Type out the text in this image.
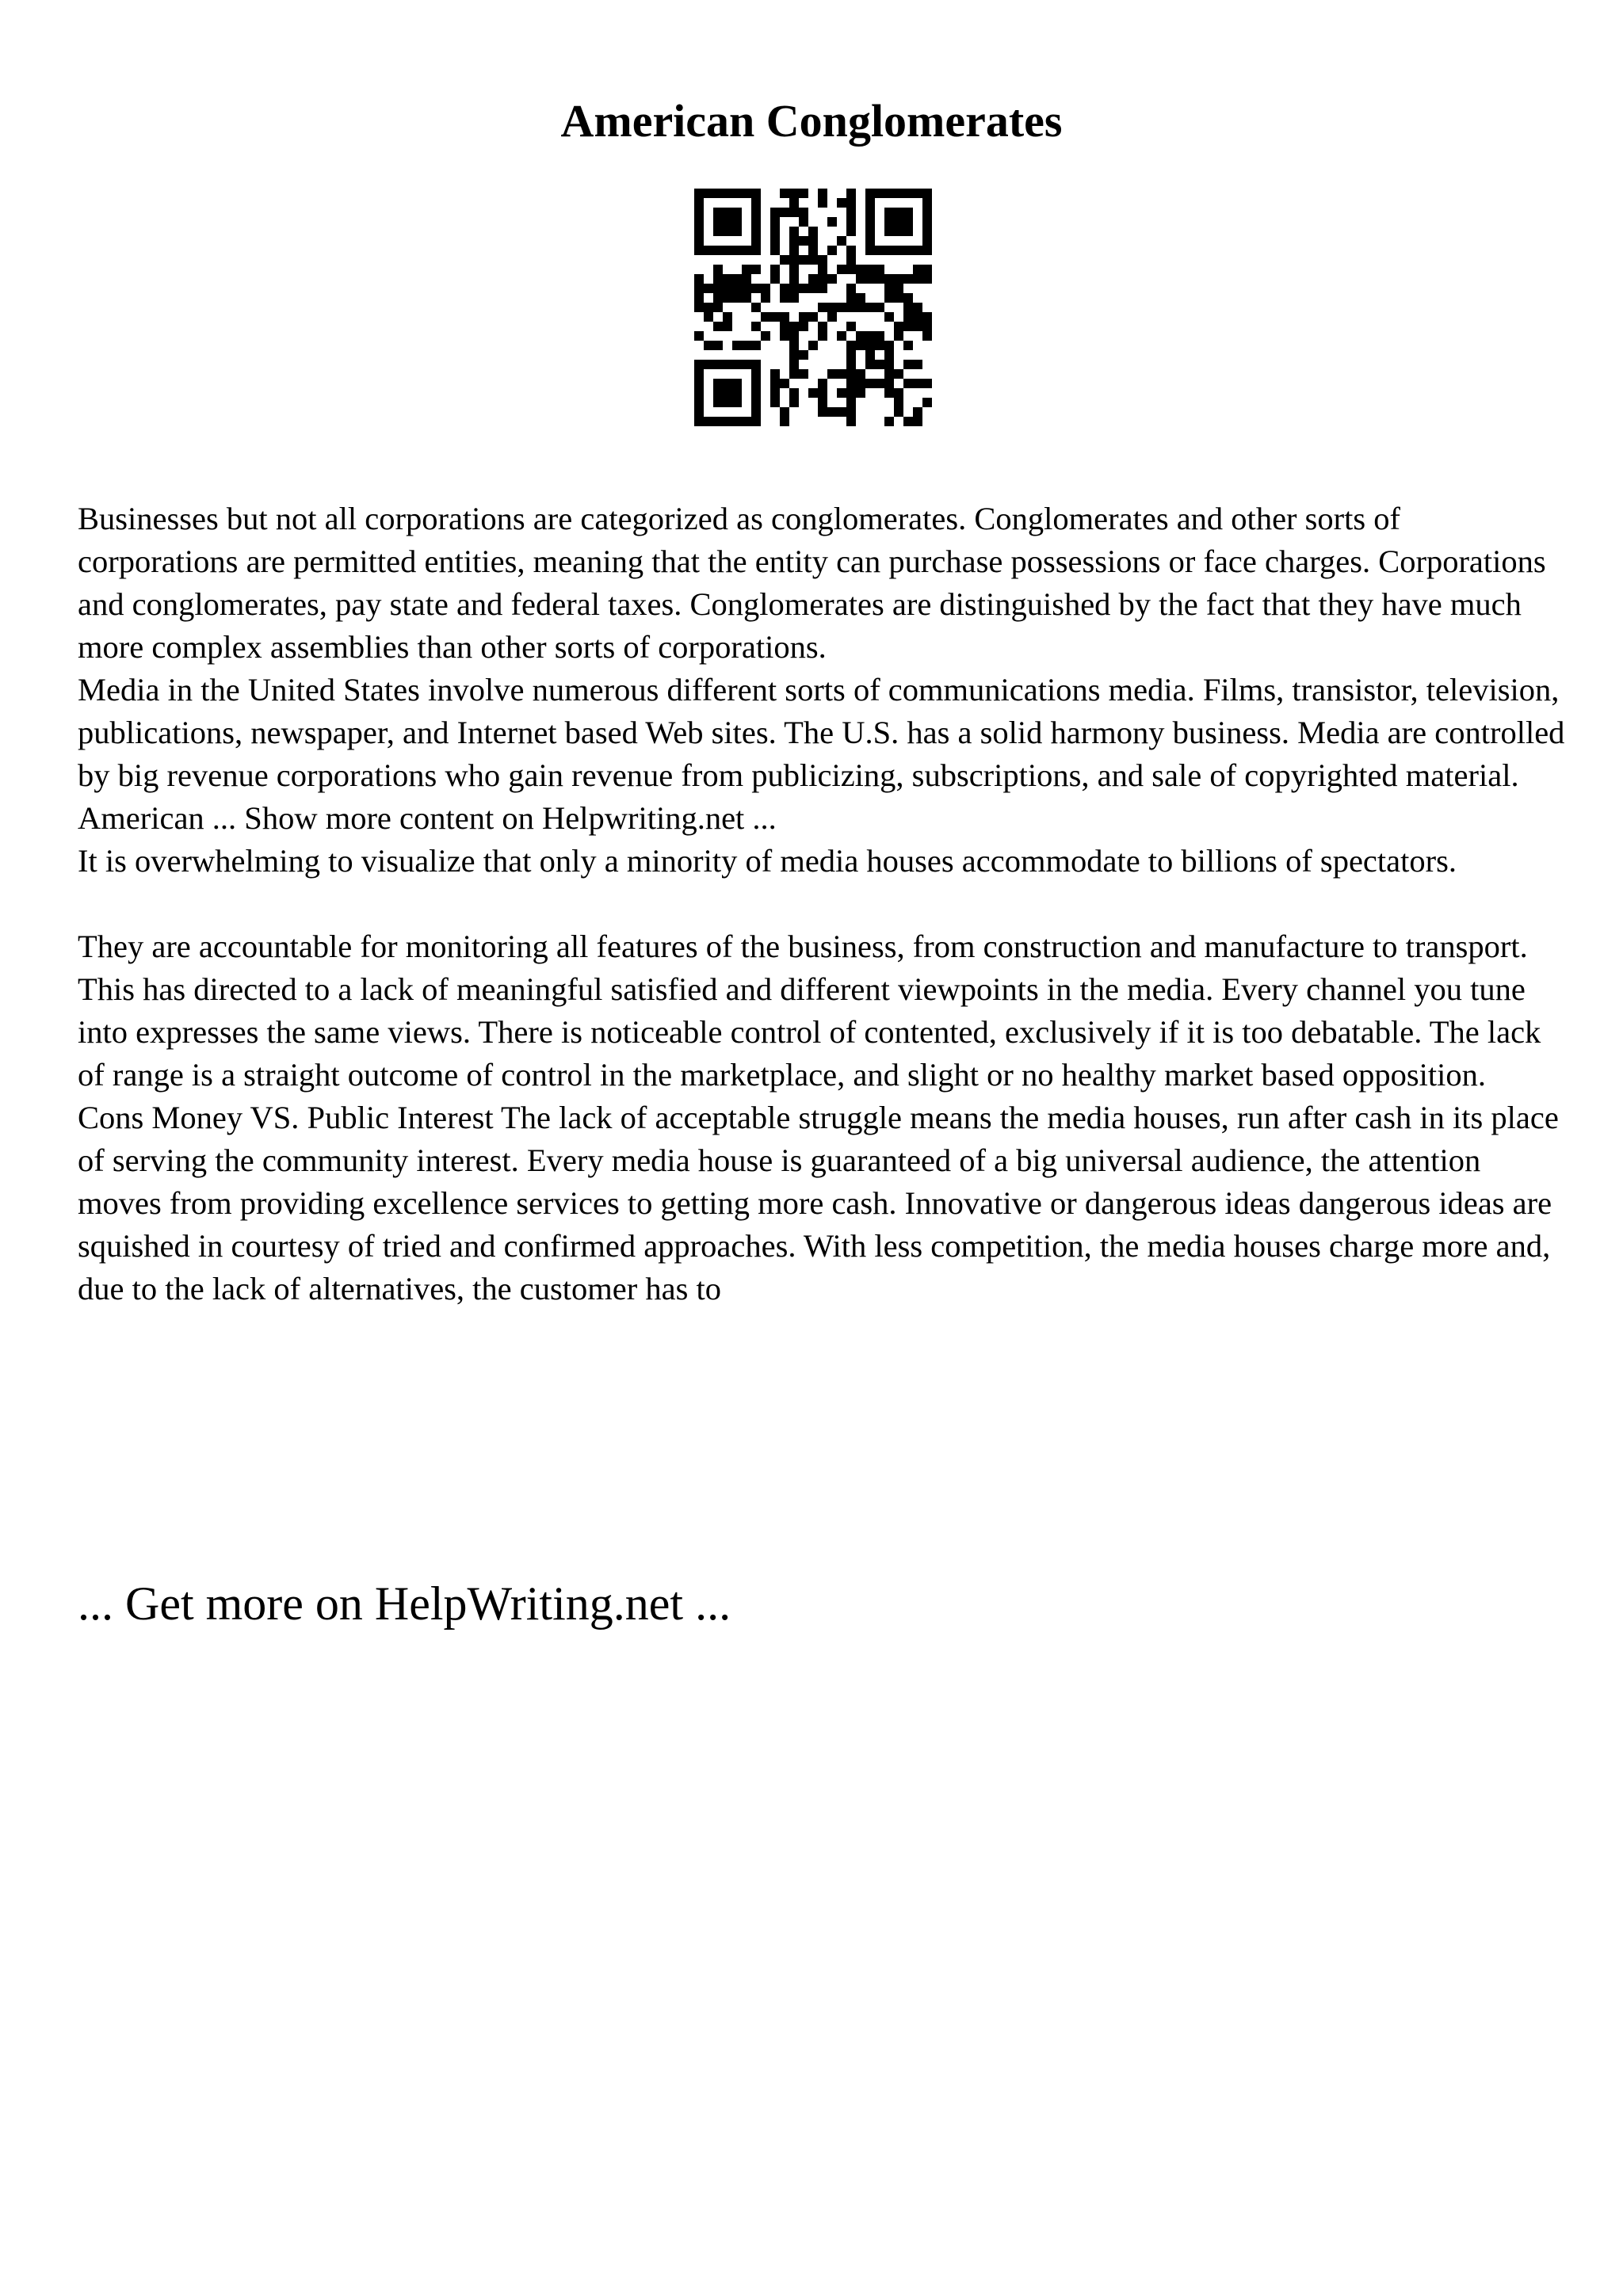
American Conglomerates

Businesses but not all corporations are categorized as conglomerates. Conglomerates and other sorts of corporations are permitted entities, meaning that the entity can purchase possessions or face charges. Corporations and conglomerates, pay state and federal taxes. Conglomerates are distinguished by the fact that they have much more complex assemblies than other sorts of corporations.

Media in the United States involve numerous different sorts of communications media. Films, transistor, television, publications, newspaper, and Internet based Web sites. The U.S. has a solid harmony business. Media are controlled by big revenue corporations who gain revenue from publicizing, subscriptions, and sale of copyrighted material. American ... Show more content on Helpwriting.net ...

It is overwhelming to visualize that only a minority of media houses accommodate to billions of spectators.

They are accountable for monitoring all features of the business, from construction and manufacture to transport. This has directed to a lack of meaningful satisfied and different viewpoints in the media. Every channel you tune into expresses the same views. There is noticeable control of contented, exclusively if it is too debatable. The lack of range is a straight outcome of control in the marketplace, and slight or no healthy market based opposition.

Cons Money VS. Public Interest The lack of acceptable struggle means the media houses, run after cash in its place of serving the community interest. Every media house is guaranteed of a big universal audience, the attention moves from providing excellence services to getting more cash. Innovative or dangerous ideas dangerous ideas are squished in courtesy of tried and confirmed approaches. With less competition, the media houses charge more and, due to the lack of alternatives, the customer has to

... Get more on HelpWriting.net ...
